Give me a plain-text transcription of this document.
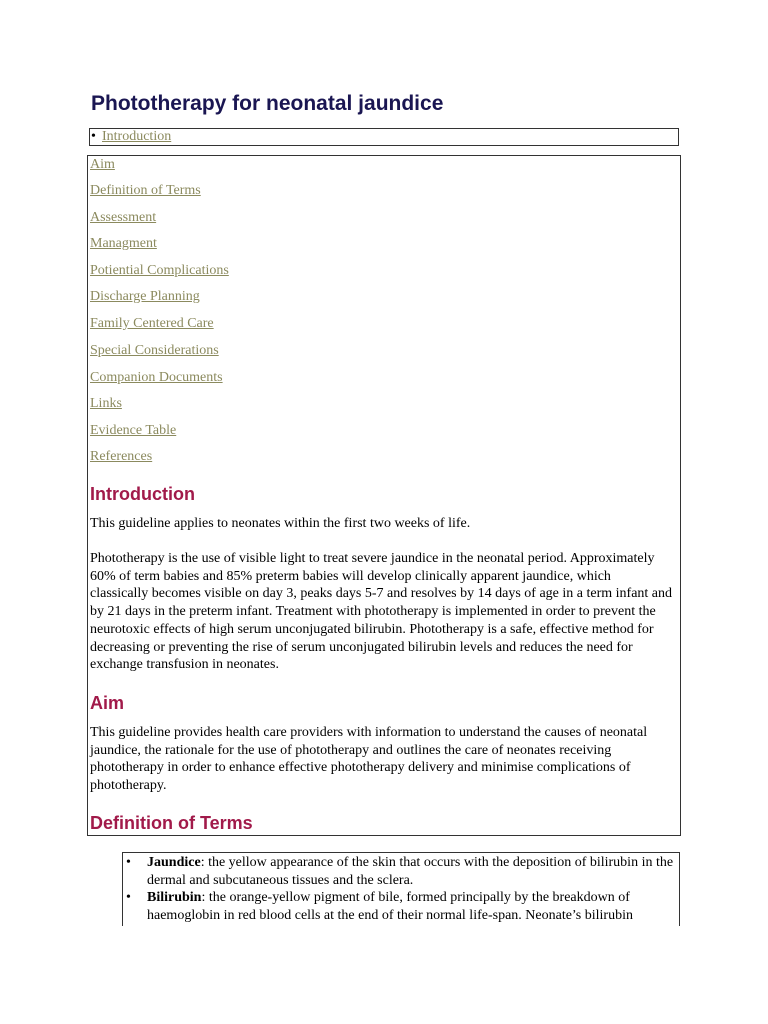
Phototherapy for neonatal jaundice
• Introduction
Aim
Definition of Terms
Assessment
Managment
Potiential Complications
Discharge Planning
Family Centered Care
Special Considerations
Companion Documents
Links
Evidence Table
References
Introduction

This guideline applies to neonates within the first two weeks of life.

Phototherapy is the use of visible light to treat severe jaundice in the neonatal period. Approximately 60% of term babies and 85% preterm babies will develop clinically apparent jaundice, which classically becomes visible on day 3, peaks days 5-7 and resolves by 14 days of age in a term infant and by 21 days in the preterm infant. Treatment with phototherapy is implemented in order to prevent the neurotoxic effects of high serum unconjugated bilirubin. Phototherapy is a safe, effective method for decreasing or preventing the rise of serum unconjugated bilirubin levels and reduces the need for exchange transfusion in neonates.

Aim

This guideline provides health care providers with information to understand the causes of neonatal jaundice, the rationale for the use of phototherapy and outlines the care of neonates receiving phototherapy in order to enhance effective phototherapy delivery and minimise complications of phototherapy.

Definition of Terms
• Jaundice: the yellow appearance of the skin that occurs with the deposition of bilirubin in the dermal and subcutaneous tissues and the sclera.
• Bilirubin: the orange-yellow pigment of bile, formed principally by the breakdown of haemoglobin in red blood cells at the end of their normal life-span. Neonate’s bilirubin
